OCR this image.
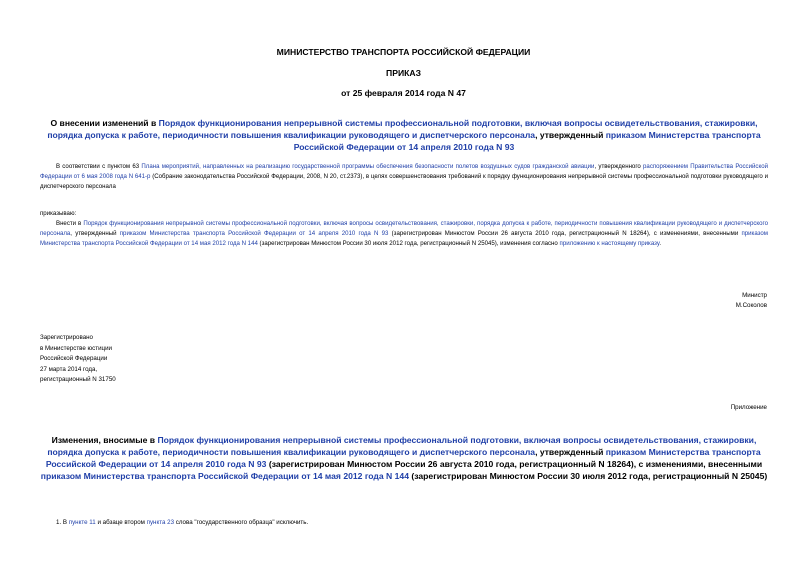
МИНИСТЕРСТВО ТРАНСПОРТА РОССИЙСКОЙ ФЕДЕРАЦИИ
ПРИКАЗ
от 25 февраля 2014 года N 47
О внесении изменений в Порядок функционирования непрерывной системы профессиональной подготовки, включая вопросы освидетельствования, стажировки, порядка допуска к работе, периодичности повышения квалификации руководящего и диспетчерского персонала, утвержденный приказом Министерства транспорта Российской Федерации от 14 апреля 2010 года N 93
В соответствии с пунктом 63 Плана мероприятий, направленных на реализацию государственной программы обеспечения безопасности полетов воздушных судов гражданской авиации, утвержденного распоряжением Правительства Российской Федерации от 6 мая 2008 года N 641-р (Собрание законодательства Российской Федерации, 2008, N 20, ст.2373), в целях совершенствования требований к порядку функционирования непрерывной системы профессиональной подготовки руководящего и диспетчерского персонала
приказываю:
Внести в Порядок функционирования непрерывной системы профессиональной подготовки, включая вопросы освидетельствования, стажировки, порядка допуска к работе, периодичности повышения квалификации руководящего и диспетчерского персонала, утвержденный приказом Министерства транспорта Российской Федерации от 14 апреля 2010 года N 93 (зарегистрирован Минюстом России 26 августа 2010 года, регистрационный N 18264), с изменениями, внесенными приказом Министерства транспорта Российской Федерации от 14 мая 2012 года N 144 (зарегистрирован Минюстом России 30 июля 2012 года, регистрационный N 25045), изменения согласно приложению к настоящему приказу.
Министр
М.Соколов
Зарегистрировано
в Министерстве юстиции
Российской Федерации
27 марта 2014 года,
регистрационный N 31750
Приложение
Изменения, вносимые в Порядок функционирования непрерывной системы профессиональной подготовки, включая вопросы освидетельствования, стажировки, порядка допуска к работе, периодичности повышения квалификации руководящего и диспетчерского персонала, утвержденный приказом Министерства транспорта Российской Федерации от 14 апреля 2010 года N 93 (зарегистрирован Минюстом России 26 августа 2010 года, регистрационный N 18264), с изменениями, внесенными приказом Министерства транспорта Российской Федерации от 14 мая 2012 года N 144 (зарегистрирован Минюстом России 30 июля 2012 года, регистрационный N 25045)
1. В пункте 11 и абзаце втором пункта 23 слова "государственного образца" исключить.
